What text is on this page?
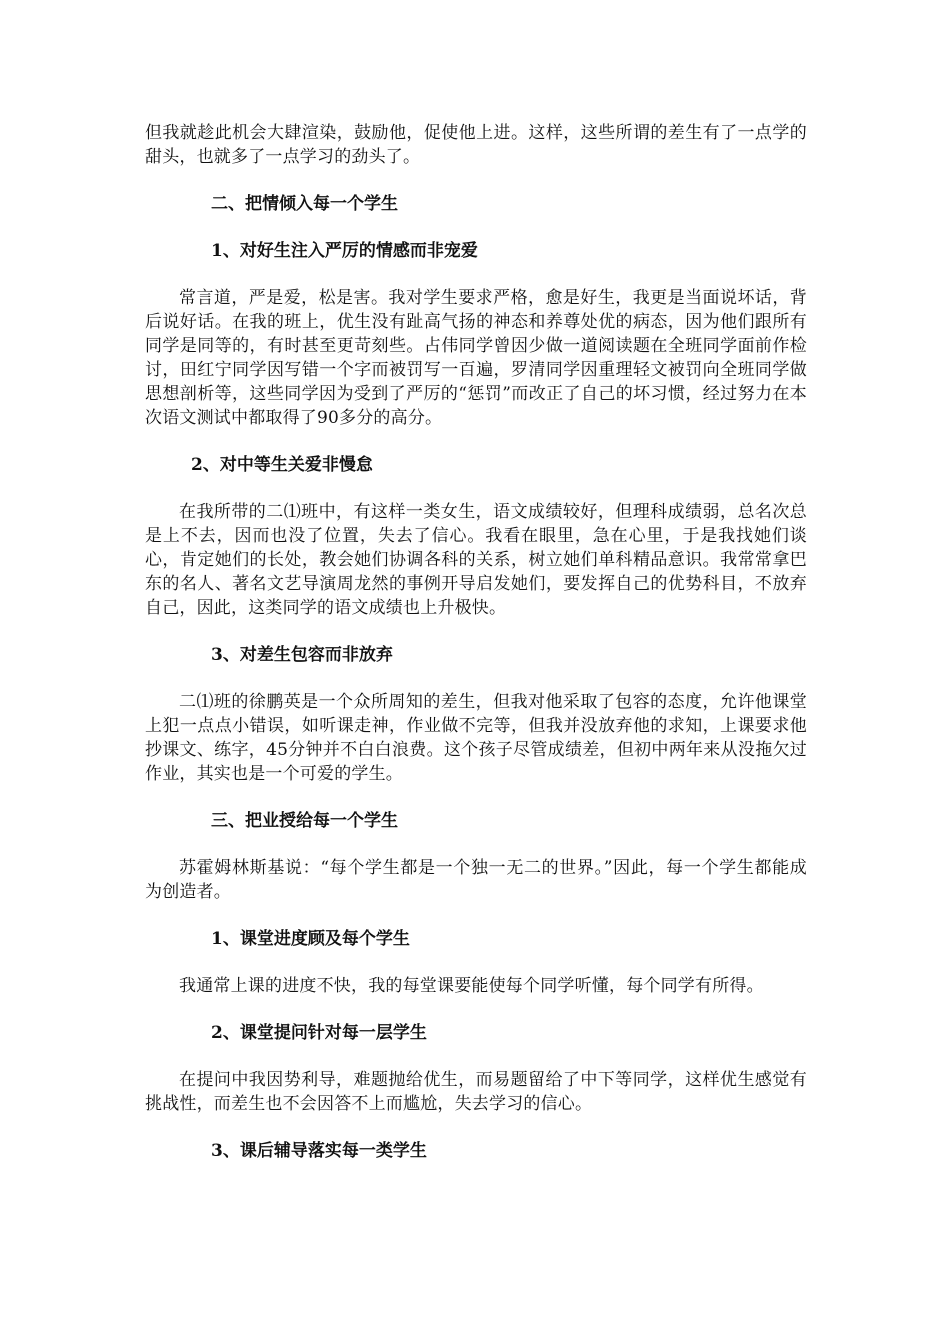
但我就趁此机会大肆渲染，鼓励他，促使他上进。这样，这些所谓的差生有了一点学的甜头，也就多了一点学习的劲头了。

二、把情倾入每一个学生

1、对好生注入严厉的情感而非宠爱

常言道，严是爱，松是害。我对学生要求严格，愈是好生，我更是当面说坏话，背后说好话。在我的班上，优生没有趾高气扬的神态和养尊处优的病态，因为他们跟所有同学是同等的，有时甚至更苛刻些。占伟同学曾因少做一道阅读题在全班同学面前作检讨，田红宁同学因写错一个字而被罚写一百遍，罗清同学因重理轻文被罚向全班同学做思想剖析等，这些同学因为受到了严厉的“惩罚”而改正了自己的坏习惯，经过努力在本次语文测试中都取得了90多分的高分。

2、对中等生关爱非慢怠

在我所带的二⑴班中，有这样一类女生，语文成绩较好，但理科成绩弱，总名次总是上不去，因而也没了位置，失去了信心。我看在眼里，急在心里，于是我找她们谈心，肯定她们的长处，教会她们协调各科的关系，树立她们单科精品意识。我常常拿巴东的名人、著名文艺导演周龙然的事例开导启发她们，要发挥自己的优势科目，不放弃自己，因此，这类同学的语文成绩也上升极快。

3、对差生包容而非放弃

二⑴班的徐鹏英是一个众所周知的差生，但我对他采取了包容的态度，允许他课堂上犯一点点小错误，如听课走神，作业做不完等，但我并没放弃他的求知，上课要求他抄课文、练字，45分钟并不白白浪费。这个孩子尽管成绩差，但初中两年来从没拖欠过作业，其实也是一个可爱的学生。

三、把业授给每一个学生

苏霍姆林斯基说：“每个学生都是一个独一无二的世界。”因此，每一个学生都能成为创造者。

1、课堂进度顾及每个学生

我通常上课的进度不快，我的每堂课要能使每个同学听懂，每个同学有所得。

2、课堂提问针对每一层学生

在提问中我因势利导，难题抛给优生，而易题留给了中下等同学，这样优生感觉有挑战性，而差生也不会因答不上而尴尬，失去学习的信心。

3、课后辅导落实每一类学生
